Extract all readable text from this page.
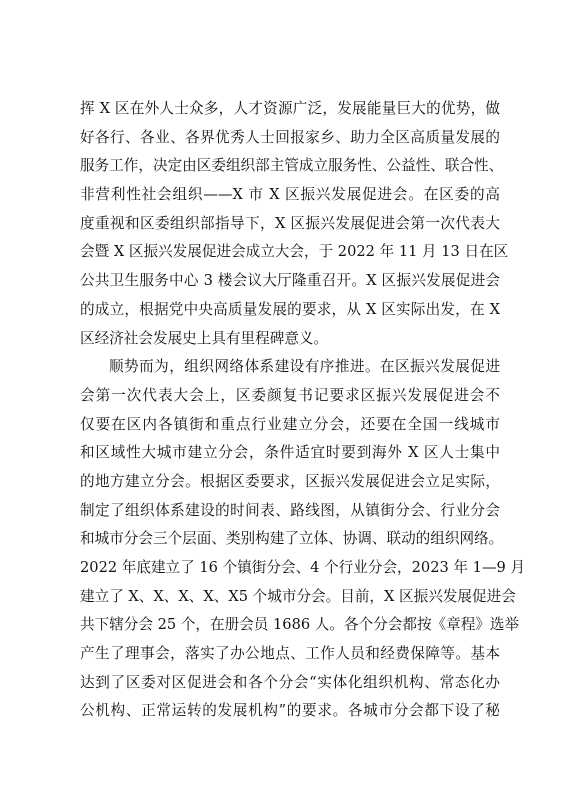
挥 X 区在外人士众多，人才资源广泛，发展能量巨大的优势，做
好各行、各业、各界优秀人士回报家乡、助力全区高质量发展的
服务工作，决定由区委组织部主管成立服务性、公益性、联合性、
非营利性社会组织——X 市 X 区振兴发展促进会。在区委的高
度重视和区委组织部指导下，X 区振兴发展促进会第一次代表大
会暨 X 区振兴发展促进会成立大会，于 2022 年 11 月 13 日在区
公共卫生服务中心 3 楼会议大厅隆重召开。X 区振兴发展促进会
的成立，根据党中央高质量发展的要求，从 X 区实际出发，在 X
区经济社会发展史上具有里程碑意义。
顺势而为，组织网络体系建设有序推进。在区振兴发展促进
会第一次代表大会上，区委颜复书记要求区振兴发展促进会不
仅要在区内各镇街和重点行业建立分会，还要在全国一线城市
和区域性大城市建立分会，条件适宜时要到海外 X 区人士集中
的地方建立分会。根据区委要求，区振兴发展促进会立足实际，
制定了组织体系建设的时间表、路线图，从镇街分会、行业分会
和城市分会三个层面、类别构建了立体、协调、联动的组织网络。
2022 年底建立了 16 个镇街分会、4 个行业分会，2023 年 1—9 月
建立了 X、X、X、X、X5 个城市分会。目前，X 区振兴发展促进会
共下辖分会 25 个，在册会员 1686 人。各个分会都按《章程》选举
产生了理事会，落实了办公地点、工作人员和经费保障等。基本
达到了区委对区促进会和各个分会“实体化组织机构、常态化办
公机构、正常运转的发展机构”的要求。各城市分会都下设了秘
